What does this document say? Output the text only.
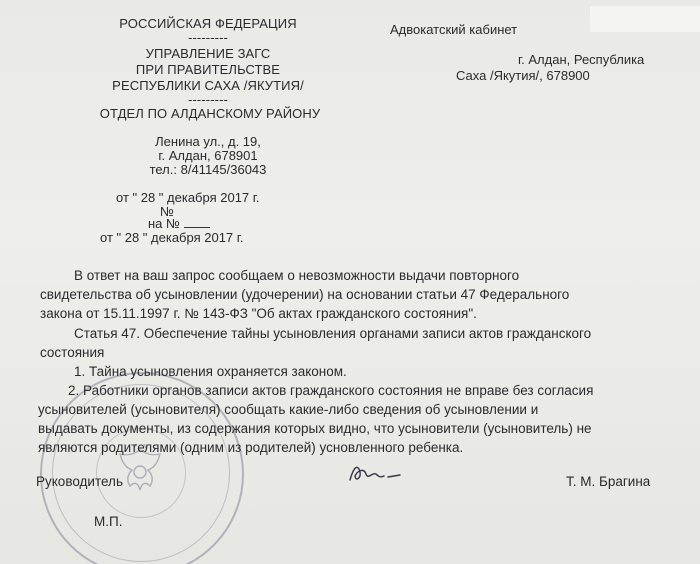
РОССИЙСКАЯ ФЕДЕРАЦИЯ
---------
УПРАВЛЕНИЕ ЗАГС
ПРИ ПРАВИТЕЛЬСТВЕ
РЕСПУБЛИКИ САХА /ЯКУТИЯ/
---------
ОТДЕЛ ПО АЛДАНСКОМУ РАЙОНУ
Ленина ул., д. 19,
г. Алдан, 678901
тел.: 8/41145/36043
от " 28 " декабря 2017 г.
№
на №
от " 28 " декабря 2017 г.
Адвокатский кабинет
г. Алдан, Республика
Саха /Якутия/, 678900
В ответ на ваш запрос сообщаем о невозможности выдачи повторного
свидетельства об усыновлении (удочерении) на основании статьи 47 Федерального
закона от 15.11.1997 г. № 143-ФЗ "Об актах гражданского состояния".
Статья 47. Обеспечение тайны усыновления органами записи актов гражданского
состояния
1. Тайна усыновления охраняется законом.
2. Работники органов записи актов гражданского состояния не вправе без согласия
усыновителей (усыновителя) сообщать какие-либо сведения об усыновлении и
выдавать документы, из содержания которых видно, что усыновители (усыновитель) не
являются родителями (одним из родителей) усновленного ребенка.
Руководитель	Т. М. Брагина
М.П.
